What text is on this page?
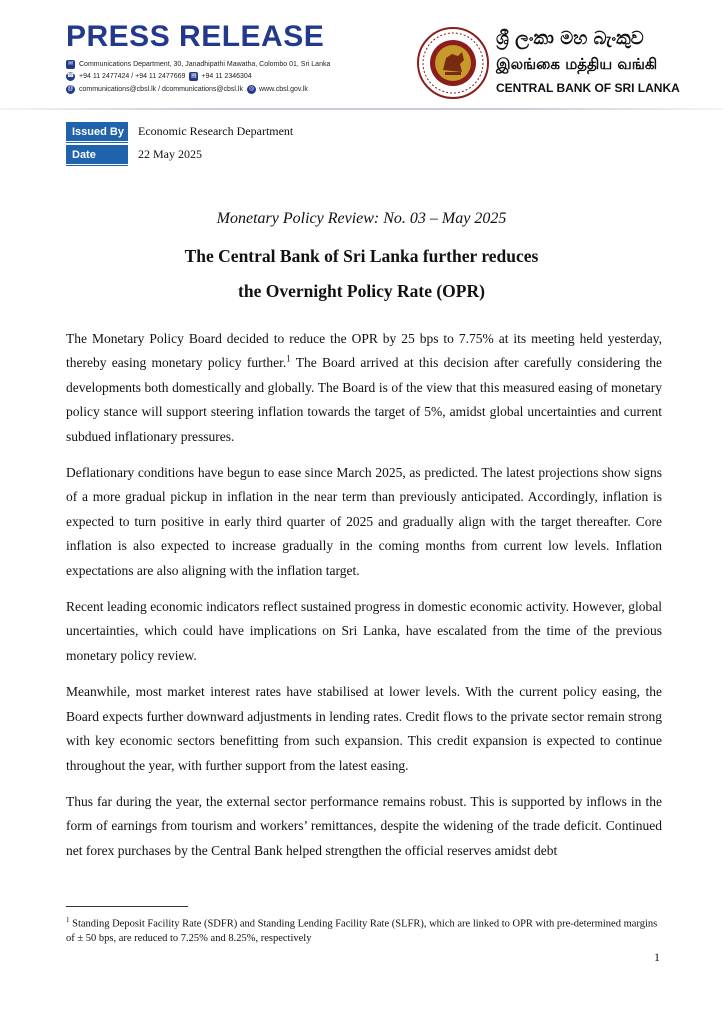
PRESS RELEASE
✉ Communications Department, 30, Janadhipathi Mawatha, Colombo 01, Sri Lanka
☎ +94 11 2477424 / +94 11 2477669 ▤ +94 11 2346304
@ communications@cbsl.lk / dcommunications@cbsl.lk ◎ www.cbsl.gov.lk
ශ්‍රී ලංකා මහ බැංකුව
இலங்கை மத்திய வங்கி
CENTRAL BANK OF SRI LANKA
Issued By	Economic Research Department
Date	22 May 2025
Monetary Policy Review: No. 03 – May 2025
The Central Bank of Sri Lanka further reduces
the Overnight Policy Rate (OPR)

The Monetary Policy Board decided to reduce the OPR by 25 bps to 7.75% at its meeting held yesterday, thereby easing monetary policy further.$^1$ The Board arrived at this decision after carefully considering the developments both domestically and globally. The Board is of the view that this measured easing of monetary policy stance will support steering inflation towards the target of 5%, amidst global uncertainties and current subdued inflationary pressures.

Deflationary conditions have begun to ease since March 2025, as predicted. The latest projections show signs of a more gradual pickup in inflation in the near term than previously anticipated. Accordingly, inflation is expected to turn positive in early third quarter of 2025 and gradually align with the target thereafter. Core inflation is also expected to increase gradually in the coming months from current low levels. Inflation expectations are also aligning with the inflation target.

Recent leading economic indicators reflect sustained progress in domestic economic activity. However, global uncertainties, which could have implications on Sri Lanka, have escalated from the time of the previous monetary policy review.

Meanwhile, most market interest rates have stabilised at lower levels. With the current policy easing, the Board expects further downward adjustments in lending rates. Credit flows to the private sector remain strong with key economic sectors benefitting from such expansion. This credit expansion is expected to continue throughout the year, with further support from the latest easing.

Thus far during the year, the external sector performance remains robust. This is supported by inflows in the form of earnings from tourism and workers’ remittances, despite the widening of the trade deficit. Continued net forex purchases by the Central Bank helped strengthen the official reserves amidst debt

$^1$ Standing Deposit Facility Rate (SDFR) and Standing Lending Facility Rate (SLFR), which are linked to OPR with pre-determined margins of ± 50 bps, are reduced to 7.25% and 8.25%, respectively
1
